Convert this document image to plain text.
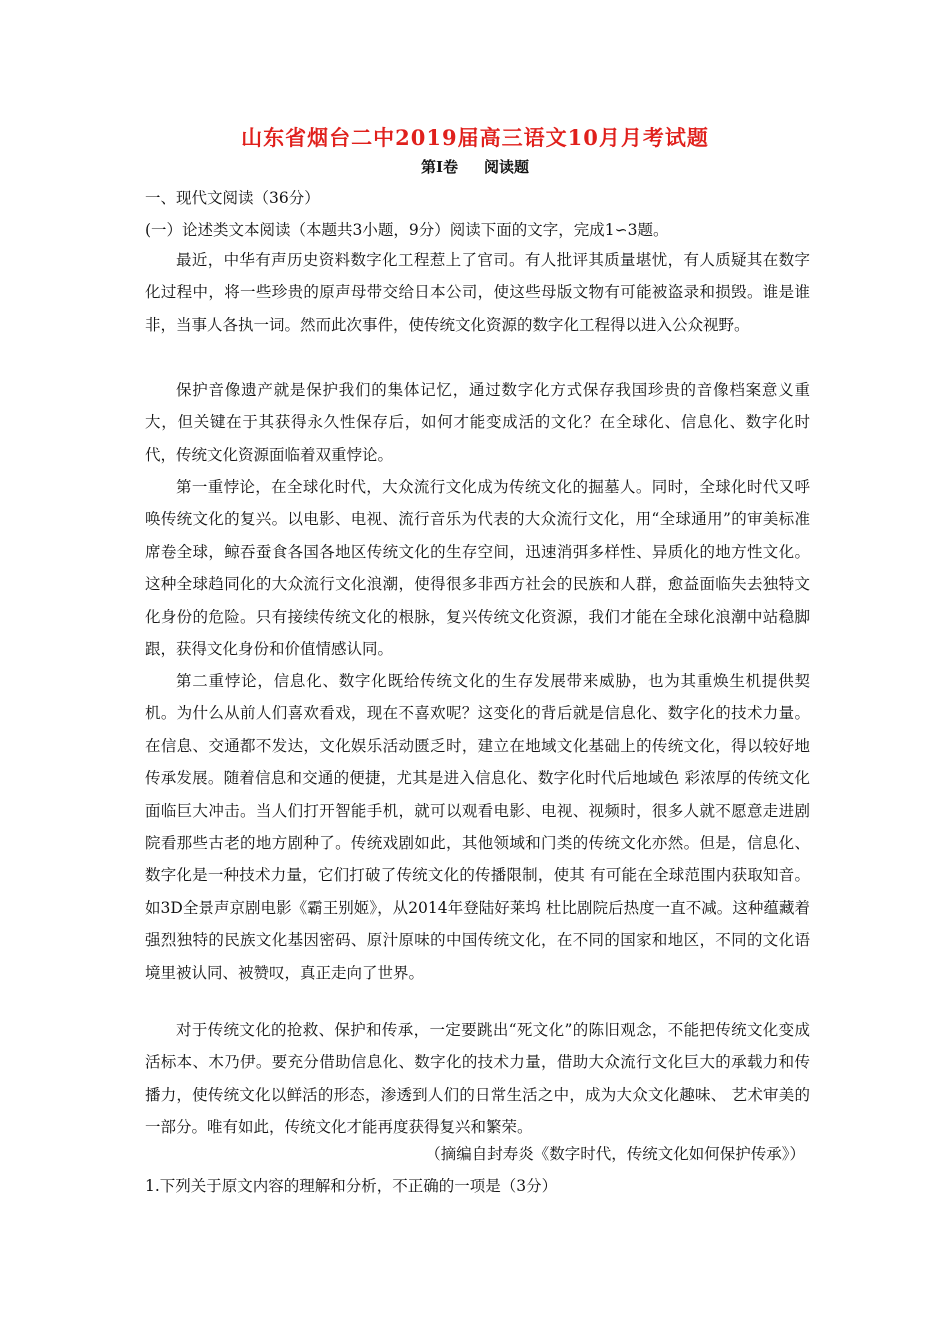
山东省烟台二中2019届高三语文10月月考试题
第Ⅰ卷 阅读题
一、现代文阅读（36分）
(一）论述类文本阅读（本题共3小题，9分）阅读下面的文字，完成1∽3题。
最近，中华有声历史资料数字化工程惹上了官司。有人批评其质量堪忧，有人质疑其在数字化过程中，将一些珍贵的原声母带交给日本公司，使这些母版文物有可能被盗录和损毁。谁是谁非，当事人各执一词。然而此次事件，使传统文化资源的数字化工程得以进入公众视野。
保护音像遗产就是保护我们的集体记忆，通过数字化方式保存我国珍贵的音像档案意义重大，但关键在于其获得永久性保存后，如何才能变成活的文化？在全球化、信息化、数字化时代，传统文化资源面临着双重悖论。
第一重悖论，在全球化时代，大众流行文化成为传统文化的掘墓人。同时，全球化时代又呼唤传统文化的复兴。以电影、电视、流行音乐为代表的大众流行文化，用“全球通用”的审美标准席卷全球，鲸吞蚕食各国各地区传统文化的生存空间，迅速消弭多样性、异质化的地方性文化。这种全球趋同化的大众流行文化浪潮，使得很多非西方社会的民族和人群，愈益面临失去独特文化身份的危险。只有接续传统文化的根脉，复兴传统文化资源，我们才能在全球化浪潮中站稳脚跟，获得文化身份和价值情感认同。
第二重悖论，信息化、数字化既给传统文化的生存发展带来威胁，也为其重焕生机提供契机。为什么从前人们喜欢看戏，现在不喜欢呢？这变化的背后就是信息化、数字化的技术力量。在信息、交通都不发达，文化娱乐活动匮乏时，建立在地域文化基础上的传统文化，得以较好地传承发展。随着信息和交通的便捷，尤其是进入信息化、数字化时代后地域色 彩浓厚的传统文化面临巨大冲击。当人们打开智能手机，就可以观看电影、电视、视频时，很多人就不愿意走进剧院看那些古老的地方剧种了。传统戏剧如此，其他领域和门类的传统文化亦然。但是，信息化、数字化是一种技术力量，它们打破了传统文化的传播限制，使其 有可能在全球范围内获取知音。如3D全景声京剧电影《霸王别姬》，从2014年登陆好莱坞 杜比剧院后热度一直不减。这种蕴藏着强烈独特的民族文化基因密码、原汁原味的中国传统文化，在不同的国家和地区，不同的文化语境里被认同、被赞叹，真正走向了世界。
对于传统文化的抢救、保护和传承，一定要跳出“死文化”的陈旧观念，不能把传统文化变成活标本、木乃伊。要充分借助信息化、数字化的技术力量，借助大众流行文化巨大的承载力和传播力，使传统文化以鲜活的形态，渗透到人们的日常生活之中，成为大众文化趣味、 艺术审美的一部分。唯有如此，传统文化才能再度获得复兴和繁荣。
（摘编自封寿炎《数字时代，传统文化如何保护传承》）
1.下列关于原文内容的理解和分析，不正确的一项是（3分）
